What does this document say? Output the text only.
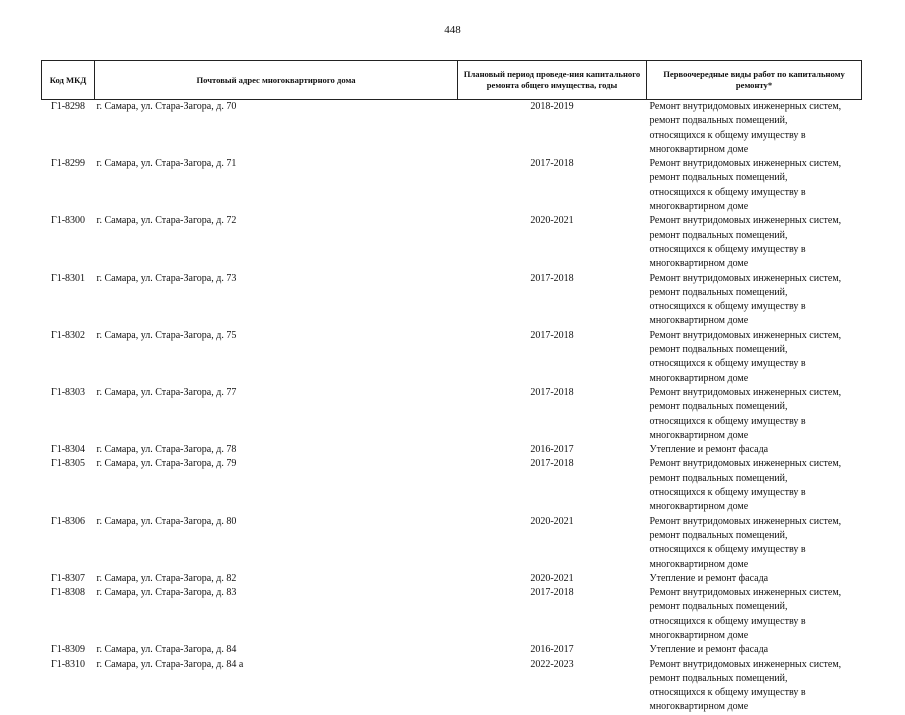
448
Код МКД	Почтовый адрес многоквартирного дома	Плановый период проведе-ния капитального ремонта общего имущества, годы	Первоочередные виды работ по капитальному ремонту*
Г1-8298	г. Самара, ул. Стара-Загора, д. 70	2018-2019	Ремонт внутридомовых инженерных систем, ремонт подвальных помещений, относящихся к общему имуществу в многоквартирном доме
Г1-8299	г. Самара, ул. Стара-Загора, д. 71	2017-2018	Ремонт внутридомовых инженерных систем, ремонт подвальных помещений, относящихся к общему имуществу в многоквартирном доме
Г1-8300	г. Самара, ул. Стара-Загора, д. 72	2020-2021	Ремонт внутридомовых инженерных систем, ремонт подвальных помещений, относящихся к общему имуществу в многоквартирном доме
Г1-8301	г. Самара, ул. Стара-Загора, д. 73	2017-2018	Ремонт внутридомовых инженерных систем, ремонт подвальных помещений, относящихся к общему имуществу в многоквартирном доме
Г1-8302	г. Самара, ул. Стара-Загора, д. 75	2017-2018	Ремонт внутридомовых инженерных систем, ремонт подвальных помещений, относящихся к общему имуществу в многоквартирном доме
Г1-8303	г. Самара, ул. Стара-Загора, д. 77	2017-2018	Ремонт внутридомовых инженерных систем, ремонт подвальных помещений, относящихся к общему имуществу в многоквартирном доме
Г1-8304	г. Самара, ул. Стара-Загора, д. 78	2016-2017	Утепление и ремонт фасада
Г1-8305	г. Самара, ул. Стара-Загора, д. 79	2017-2018	Ремонт внутридомовых инженерных систем, ремонт подвальных помещений, относящихся к общему имуществу в многоквартирном доме
Г1-8306	г. Самара, ул. Стара-Загора, д. 80	2020-2021	Ремонт внутридомовых инженерных систем, ремонт подвальных помещений, относящихся к общему имуществу в многоквартирном доме
Г1-8307	г. Самара, ул. Стара-Загора, д. 82	2020-2021	Утепление и ремонт фасада
Г1-8308	г. Самара, ул. Стара-Загора, д. 83	2017-2018	Ремонт внутридомовых инженерных систем, ремонт подвальных помещений, относящихся к общему имуществу в многоквартирном доме
Г1-8309	г. Самара, ул. Стара-Загора, д. 84	2016-2017	Утепление и ремонт фасада
Г1-8310	г. Самара, ул. Стара-Загора, д. 84 а	2022-2023	Ремонт внутридомовых инженерных систем, ремонт подвальных помещений, относящихся к общему имуществу в многоквартирном доме
